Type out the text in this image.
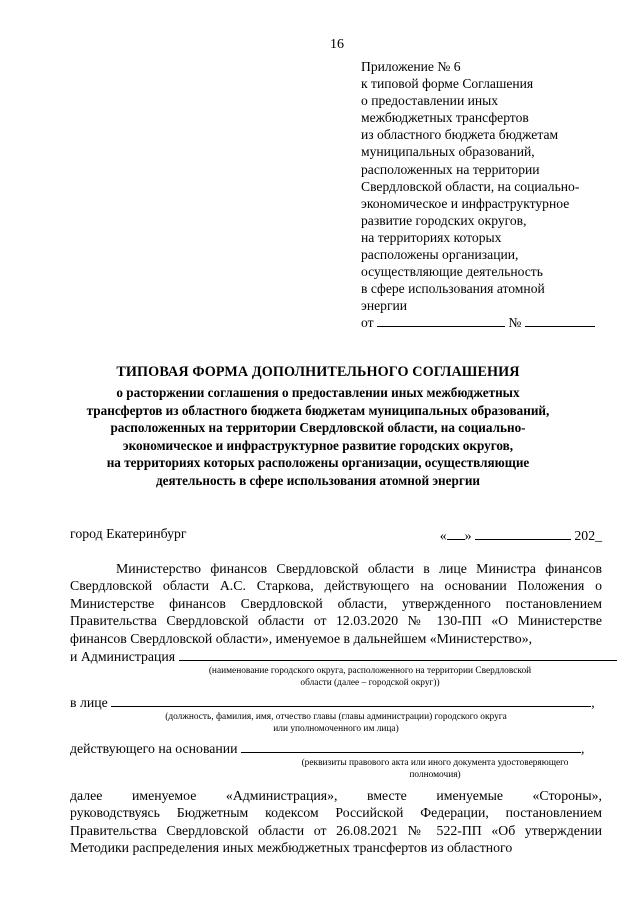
16
Приложение № 6
к типовой форме Соглашения
о предоставлении иных
межбюджетных трансфертов
из областного бюджета бюджетам
муниципальных образований,
расположенных на территории
Свердловской области, на социально-
экономическое и инфраструктурное
развитие городских округов,
на территориях которых
расположены организации,
осуществляющие деятельность
в сфере использования атомной
энергии
от	№
ТИПОВАЯ ФОРМА ДОПОЛНИТЕЛЬНОГО СОГЛАШЕНИЯ
о расторжении соглашения о предоставлении иных межбюджетных
трансфертов из областного бюджета бюджетам муниципальных образований,
расположенных на территории Свердловской области, на социально-
экономическое и инфраструктурное развитие городских округов,
на территориях которых расположены организации, осуществляющие
деятельность в сфере использования атомной энергии
город Екатеринбург	« »	202_
Министерство финансов Свердловской области в лице Министра финансов Свердловской области А.С. Старкова, действующего на основании Положения о Министерстве финансов Свердловской области, утвержденного постановлением Правительства Свердловской области от 12.03.2020 № 130-ПП «О Министерстве финансов Свердловской области», именуемое в дальнейшем «Министерство»,
и Администрация
(наименование городского округа, расположенного на территории Свердловской области (далее – городской округ))
в лице	,
(должность, фамилия, имя, отчество главы (главы администрации) городского округа
или уполномоченного им лица)
действующего на основании	,
(реквизиты правового акта или иного документа удостоверяющего
полномочия)
далее именуемое «Администрация», вместе именуемые «Стороны»,
руководствуясь Бюджетным кодексом Российской Федерации, постановлением Правительства Свердловской области от 26.08.2021 № 522-ПП «Об утверждении Методики распределения иных межбюджетных трансфертов из областного
